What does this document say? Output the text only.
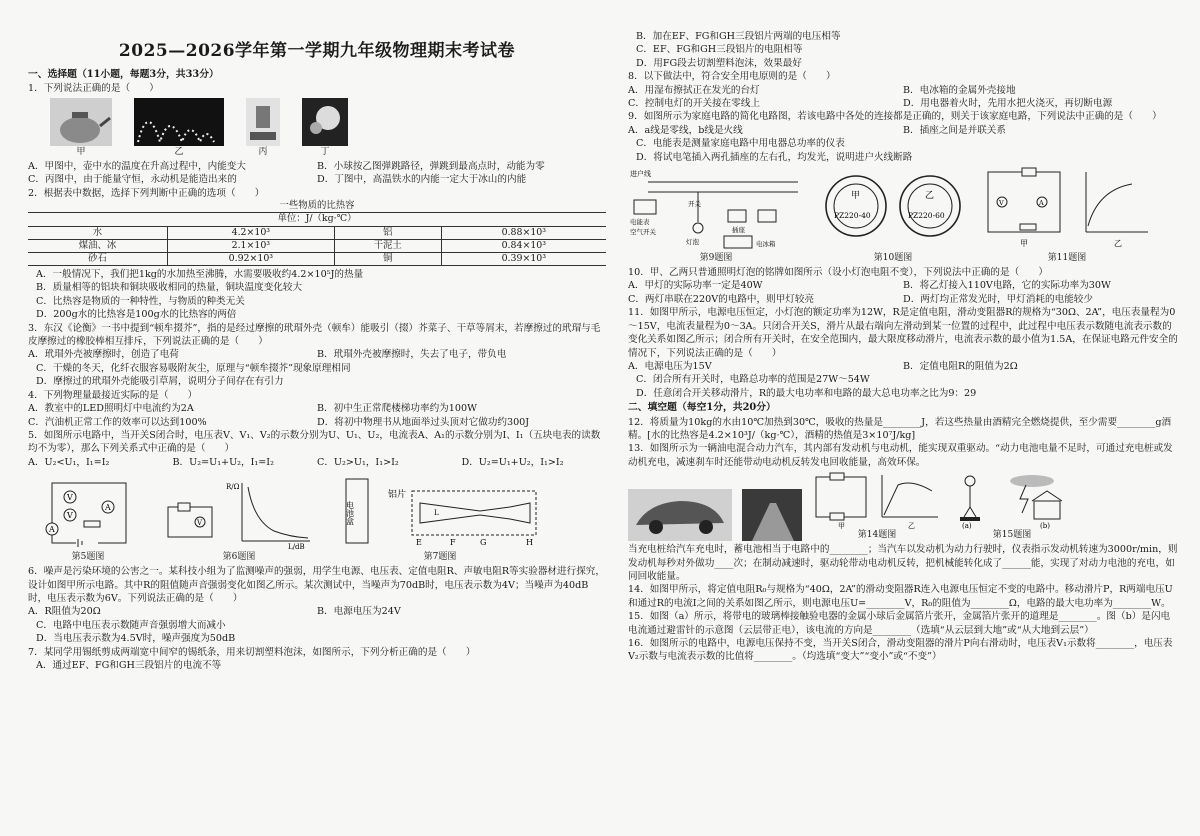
2025—2026学年第一学期九年级物理期末考试卷
一、选择题（11小题，每题3分，共33分）
1．下列说法正确的是（　　）
甲	乙	丙	丁
A．甲图中，壶中水的温度在升高过程中，内能变大	B．小球按乙图弹跳路径，弹跳到最高点时，动能为零
C．丙图中，由于能量守恒，永动机是能造出来的	D．丁图中，高温铁水的内能一定大于冰山的内能
2．根据表中数据，选择下列判断中正确的选项（　　）
一些物质的比热容
单位：J/（kg·℃）
水	4.2×10³	铝	0.88×10³
煤油、冰	2.1×10³	干泥土	0.84×10³
砂石	0.92×10³	铜	0.39×10³
A．一般情况下，我们把1kg的水加热至沸腾，水需要吸收约4.2×10⁵J的热量
B．质量相等的铝块和铜块吸收相同的热量，铜块温度变化较大
C．比热容是物质的一种特性，与物质的种类无关
D．200g水的比热容是100g水的比热容的两倍
3．东汉《论衡》一书中提到“顿牟掇芥”，指的是经过摩擦的玳瑁外壳（顿牟）能吸引（掇）芥菜子、干草等屑末，若摩擦过的玳瑁与毛皮摩擦过的橡胶棒相互排斥，下列说法正确的是（　　）
A．玳瑁外壳被摩擦时，创造了电荷	B．玳瑁外壳被摩擦时，失去了电子，带负电
C．干燥的冬天，化纤衣服容易吸附灰尘，原理与“顿牟掇芥”现象原理相同
D．摩擦过的玳瑁外壳能吸引草屑，说明分子间存在有引力
4．下列物理量最接近实际的是（　　）
A．教室中的LED照明灯中电流约为2A	B．初中生正常爬楼梯功率约为100W
C．汽油机正常工作的效率可以达到100%	D．将初中物理书从地面举过头顶对它做功约300J
5．如图所示电路中，当开关S闭合时，电压表V、V₁、V₂的示数分别为U、U₁、U₂，电流表A、A₁的示数分别为I、I₁（五块电表的读数均不为零），那么下列关系式中正确的是（　　）
A．U₂<U₁，I₁=I₂	B．U₂=U₁+U₂，I₁=I₂	C．U₂>U₁，I₁>I₂	D．U₂=U₁+U₂，I₁>I₂
V
V
A
A
第5题图
V
R/Ω
L/dB
第6题图
电池盒
铝片
E	F	G	H
L
第7题图
6．噪声是污染环境的公害之一。某科技小组为了监测噪声的强弱，用学生电源、电压表、定值电阻R、声敏电阻R等实验器材进行探究，设计如图甲所示电路。其中R的阻值随声音强弱变化如图乙所示。某次测试中，当噪声为70dB时，电压表示数为4V；当噪声为40dB时，电压表示数为6V。下列说法正确的是（　　）
A．R阻值为20Ω	B．电源电压为24V
C．电路中电压表示数随声音强弱增大而减小
D．当电压表示数为4.5V时，噪声强度为50dB
7．某同学用锡纸剪成两端宽中间窄的锡纸条，用来切割塑料泡沫，如图所示，下列分析正确的是（　　）
A．通过EF、FG和GH三段铝片的电流不等
B．加在EF、FG和GH三段铝片两端的电压相等
C．EF、FG和GH三段铝片的电阻相等
D．用FG段去切割塑料泡沫，效果最好
8．以下做法中，符合安全用电原则的是（　　）
A．用湿布擦拭正在发光的台灯	B．电冰箱的金属外壳接地
C．控制电灯的开关接在零线上	D．用电器着火时，先用水把火浇灭，再切断电源
9．如图所示为家庭电路的简化电路图，若该电路中各处的连接都是正确的，则关于该家庭电路，下列说法中正确的是（　　）
A．a线是零线，b线是火线	B．插座之间是并联关系
C．电能表是测量家庭电路中用电器总功率的仪表
D．将试电笔插入两孔插座的左右孔，均发光，说明进户火线断路
进户线
电能表
空气开关
开关
灯泡
插座
电冰箱
第9题图
甲
PZ220-40
乙
PZ220-60
第10题图
V	A
甲	乙
第11题图
10．甲、乙两只普通照明灯泡的铭牌如图所示（设小灯泡电阻不变），下列说法中正确的是（　　）
A．甲灯的实际功率一定是40W	B．将乙灯接入110V电路，它的实际功率为30W
C．两灯串联在220V的电路中，则甲灯较亮	D．两灯均正常发光时，甲灯消耗的电能较少
11．如图甲所示，电源电压恒定，小灯泡的额定功率为12W，R是定值电阻，滑动变阻器R的规格为“30Ω、2A”，电压表量程为0～15V，电流表量程为0～3A。只闭合开关S，滑片从最右端向左滑动到某一位置的过程中，此过程中电压表示数随电流表示数的变化关系如图乙所示；闭合所有开关时，在安全范围内，最大限度移动滑片，电流表示数的最小值为1.5A，在保证电路元件安全的情况下，下列说法正确的是（　　）
A．电源电压为15V	B．定值电阻R的阻值为2Ω
C．闭合所有开关时，电路总功率的范围是27W～54W
D．任意闭合开关移动滑片，R的最大电功率和电路的最大总电功率之比为9：29
二、填空题（每空1分，共20分）
12．将质量为10kg的水由10℃加热到30℃，吸收的热量是________J，若这些热量由酒精完全燃烧提供，至少需要________g酒精。[水的比热容是4.2×10³J/（kg·℃），酒精的热值是3×10⁷J/kg]
13．如图所示为一辆油电混合动力汽车，其内部有发动机与电动机，能实现双重驱动。“动力电池电量不足时，可通过充电桩或发动机充电，减速刹车时还能带动电动机反转发电回收能量，高效环保。
甲	乙
第14题图
(a)	(b)
第15题图
当充电桩给汽车充电时，蓄电池相当于电路中的________；当汽车以发动机为动力行驶时，仪表指示发动机转速为3000r/min，则发动机每秒对外做功____次；在制动减速时，驱动轮带动电动机反转，把机械能转化成了______能，实现了对动力电池的充电，如同回收能量。
14．如图甲所示，将定值电阻R₀与规格为“40Ω，2A”的滑动变阻器R连入电源电压恒定不变的电路中。移动滑片P，R两端电压U和通过R的电流I之间的关系如图乙所示，则电源电压U=________V，R₀的阻值为________Ω，电路的最大电功率为________W。
15．如图（a）所示，将带电的玻璃棒接触验电器的金属小球后金属箔片张开，金属箔片张开的道理是________。图（b）是闪电电流通过避雷针的示意图（云层带正电），该电流的方向是________（选填“从云层到大地”或“从大地到云层”）
16．如图所示的电路中，电源电压保持不变，当开关S闭合，滑动变阻器的滑片P向右滑动时，电压表V₁示数将________，电压表V₂示数与电流表示数的比值将________。（均选填“变大”“变小”或“不变”）
